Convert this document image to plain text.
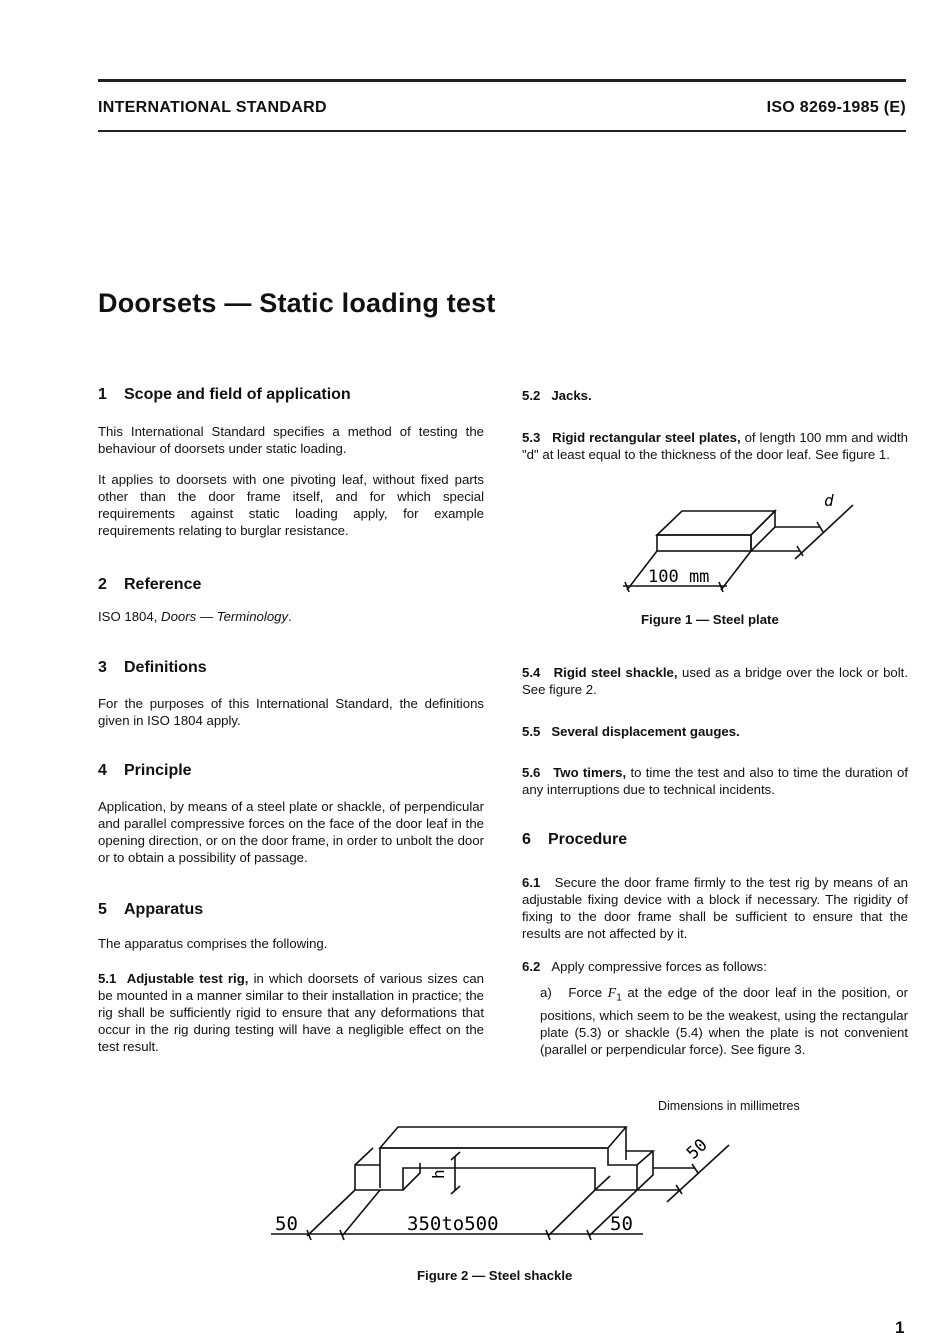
INTERNATIONAL STANDARD	ISO 8269-1985 (E)
Doorsets — Static loading test
1 Scope and field of application

This International Standard specifies a method of testing the behaviour of doorsets under static loading.

It applies to doorsets with one pivoting leaf, without fixed parts other than the door frame itself, and for which special requirements against static loading apply, for example requirements relating to burglar resistance.

2 Reference

ISO 1804, Doors — Terminology.

3 Definitions

For the purposes of this International Standard, the definitions given in ISO 1804 apply.

4 Principle

Application, by means of a steel plate or shackle, of perpendicular and parallel compressive forces on the face of the door leaf in the opening direction, or on the door frame, in order to unbolt the door or to obtain a possibility of passage.

5 Apparatus

The apparatus comprises the following.

5.1 Adjustable test rig, in which doorsets of various sizes can be mounted in a manner similar to their installation in practice; the rig shall be sufficiently rigid to ensure that any deformations that occur in the rig during testing will have a negligible effect on the test result.

5.2 Jacks.

5.3 Rigid rectangular steel plates, of length 100 mm and width "d" at least equal to the thickness of the door leaf. See figure 1.

100 mm
d
Figure 1 — Steel plate

5.4 Rigid steel shackle, used as a bridge over the lock or bolt. See figure 2.

5.5 Several displacement gauges.

5.6 Two timers, to time the test and also to time the duration of any interruptions due to technical incidents.

6 Procedure

6.1 Secure the door frame firmly to the test rig by means of an adjustable fixing device with a block if necessary. The rigidity of fixing to the door frame shall be sufficient to ensure that the results are not affected by it.

6.2 Apply compressive forces as follows:

a) Force $F_1$ at the edge of the door leaf in the position, or positions, which seem to be the weakest, using the rectangular plate (5.3) or shackle (5.4) when the plate is not convenient (parallel or perpendicular force). See figure 3.

Dimensions in millimetres
50	350to500	50
50
h
Figure 2 — Steel shackle
1
